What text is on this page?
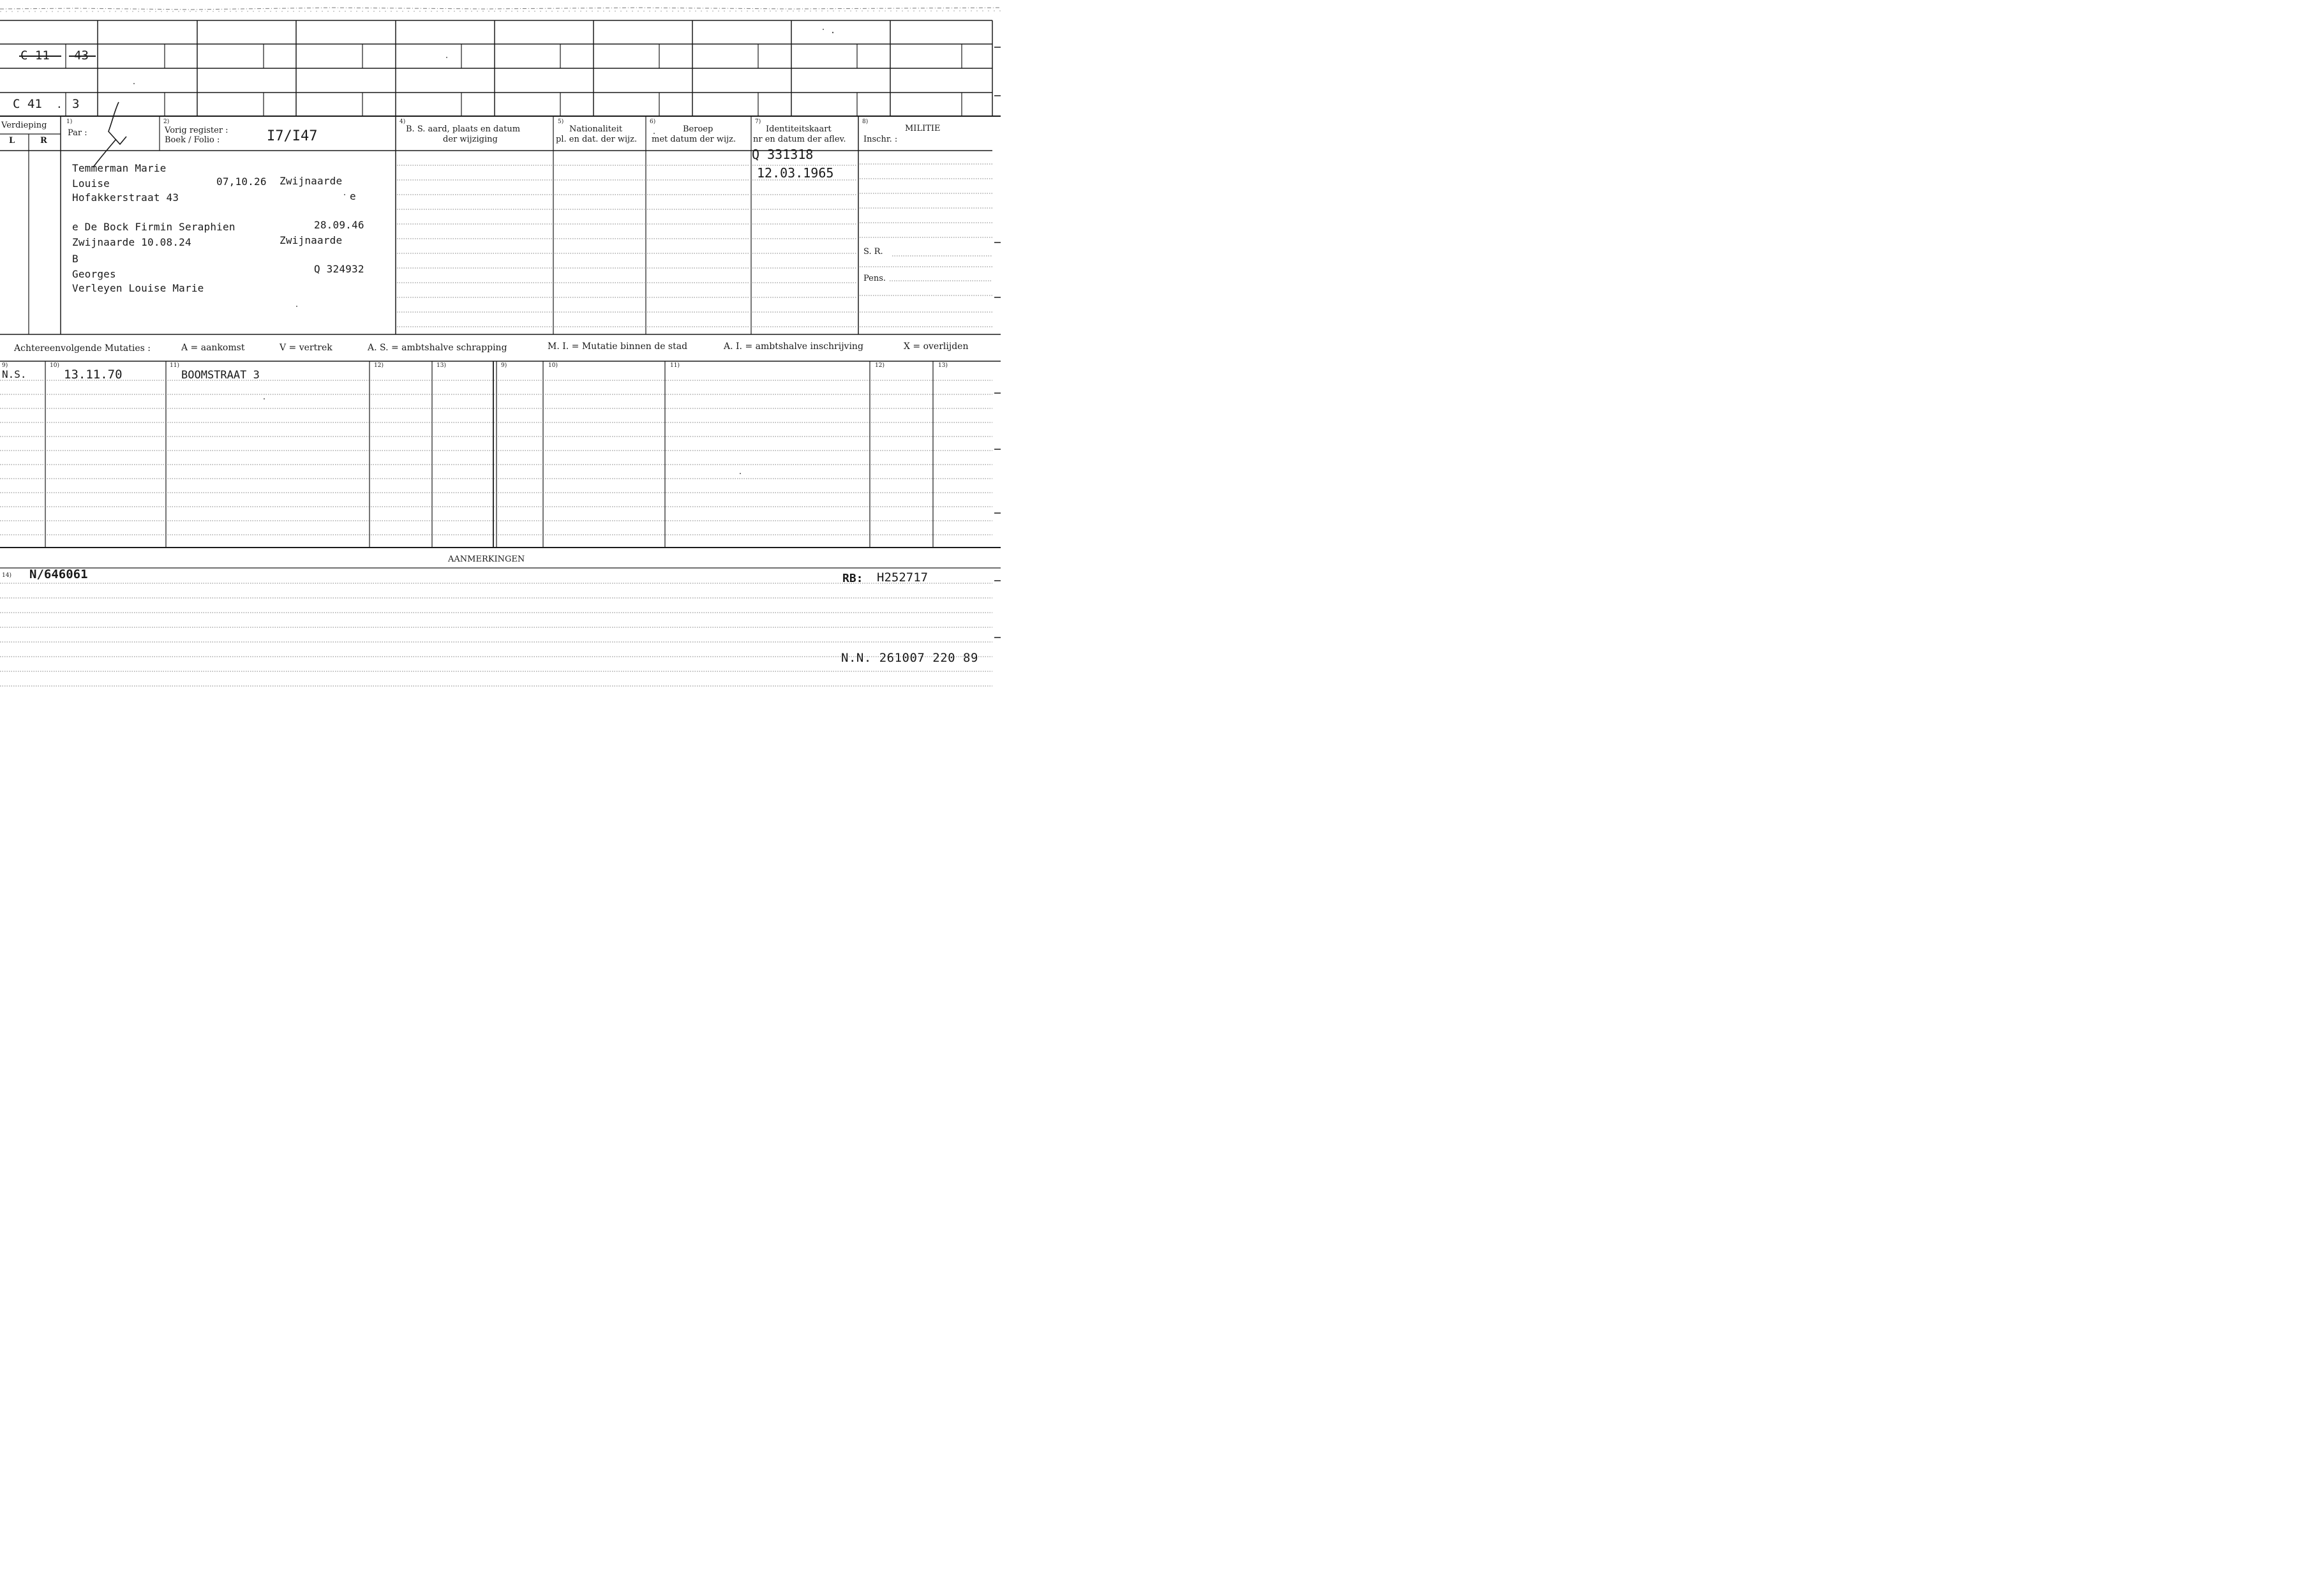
C 11 43
C 41 . 3
Verdieping
L	R
1)
Par :
2)
Vorig register :
Boek / Folio :	I7/I47
4)
B. S. aard, plaats en datum
der wijziging
5)
Nationaliteit
pl. en dat. der wijz.
6)
Beroep
met datum der wijz.
7)
Identiteitskaart
nr en datum der aflev.
8)
MILITIE
Inschr. :
Temmerman Marie
Louise	07,10.26 Zwijnaarde
e
Hofakkerstraat 43
e De Bock Firmin Seraphien	28.09.46
Zwijnaarde 10.08.24	Zwijnaarde
B
Georges	Q 324932
Verleyen Louise Marie
Q 331318
12.03.1965
S. R.
Pens.
Achtereenvolgende Mutaties :	A = aankomst	V = vertrek	A. S. = ambtshalve schrapping	M. I. = Mutatie binnen de stad	A. I. = ambtshalve inschrijving	X = overlijden
9)	10)	11)	12)	13)	9)	10)	11)	12)	13)
N.S.	13.11.70	BOOMSTRAAT 3
AANMERKINGEN
14) N/646061	RB: H252717
N.N. 261007 220 89
